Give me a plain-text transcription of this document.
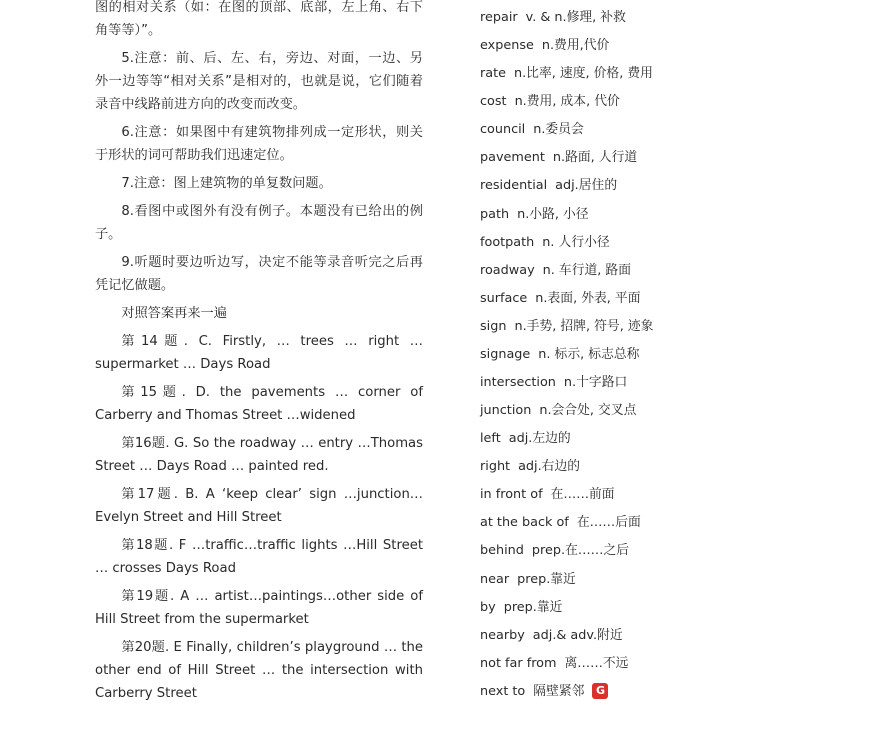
图的相对关系（如：在图的顶部、底部，左上角、右下角等等）”。

5.注意：前、后、左、右，旁边、对面，一边、另外一边等等“相对关系”是相对的，也就是说，它们随着录音中线路前进方向的改变而改变。

6.注意：如果图中有建筑物排列成一定形状，则关于形状的词可帮助我们迅速定位。

7.注意：图上建筑物的单复数问题。

8.看图中或图外有没有例子。本题没有已给出的例子。

9.听题时要边听边写，决定不能等录音听完之后再凭记忆做题。

对照答案再来一遍

第14题. C. Firstly, … trees … right … supermarket … Days Road

第15题. D. the pavements … corner of Carberry and Thomas Street …widened

第16题. G. So the roadway … entry …Thomas Street … Days Road … painted red.

第17题. B. A ‘keep clear’ sign …junction… Evelyn Street and Hill Street

第18题. F …traffic…traffic lights …Hill Street … crosses Days Road

第19题. A … artist…paintings…other side of Hill Street from the supermarket

第20题. E Finally, children’s playground … the other end of Hill Street … the intersection with Carberry Street

repair v. & n.修理, 补救
expense n.费用,代价
rate n.比率, 速度, 价格, 费用
cost n.费用, 成本, 代价
council n.委员会
pavement n.路面, 人行道
residential adj.居住的
path n.小路, 小径
footpath n. 人行小径
roadway n. 车行道, 路面
surface n.表面, 外表, 平面
sign n.手势, 招牌, 符号, 迹象
signage n. 标示, 标志总称
intersection n.十字路口
junction n.会合处, 交叉点
left adj.左边的
right adj.右边的
in front of 在……前面
at the back of 在……后面
behind prep.在……之后
near prep.靠近
by prep.靠近
nearby adj.& adv.附近
not far from 离……不远
next to 隔壁紧邻 G
